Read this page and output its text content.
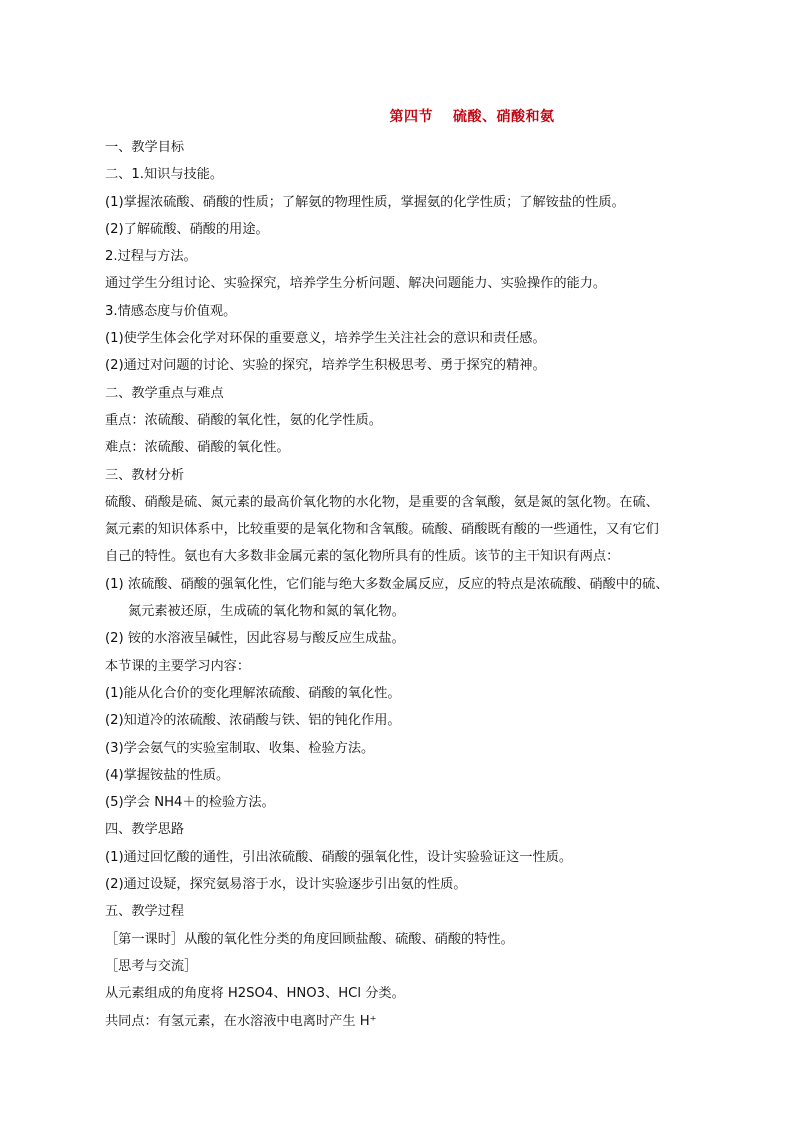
第四节 硫酸、硝酸和氨
一、教学目标
二、1.知识与技能。
(1)掌握浓硫酸、硝酸的性质；了解氨的物理性质，掌握氨的化学性质；了解铵盐的性质。
(2)了解硫酸、硝酸的用途。
2.过程与方法。
通过学生分组讨论、实验探究，培养学生分析问题、解决问题能力、实验操作的能力。
3.情感态度与价值观。
(1)使学生体会化学对环保的重要意义，培养学生关注社会的意识和责任感。
(2)通过对问题的讨论、实验的探究，培养学生积极思考、勇于探究的精神。
二、教学重点与难点
重点：浓硫酸、硝酸的氧化性，氨的化学性质。
难点：浓硫酸、硝酸的氧化性。
三、教材分析
硫酸、硝酸是硫、氮元素的最高价氧化物的水化物，是重要的含氧酸，氨是氮的氢化物。在硫、
氮元素的知识体系中，比较重要的是氧化物和含氧酸。硫酸、硝酸既有酸的一些通性，又有它们
自己的特性。氨也有大多数非金属元素的氢化物所具有的性质。该节的主干知识有两点：
(1) 浓硫酸、硝酸的强氧化性，它们能与绝大多数金属反应，反应的特点是浓硫酸、硝酸中的硫、
氮元素被还原，生成硫的氧化物和氮的氧化物。
(2) 铵的水溶液呈碱性，因此容易与酸反应生成盐。
本节课的主要学习内容：
(1)能从化合价的变化理解浓硫酸、硝酸的氧化性。
(2)知道冷的浓硫酸、浓硝酸与铁、铝的钝化作用。
(3)学会氨气的实验室制取、收集、检验方法。
(4)掌握铵盐的性质。
(5)学会 NH4＋的检验方法。
四、教学思路
(1)通过回忆酸的通性，引出浓硫酸、硝酸的强氧化性，设计实验验证这一性质。
(2)通过设疑，探究氨易溶于水，设计实验逐步引出氨的性质。
五、教学过程
［第一课时］从酸的氧化性分类的角度回顾盐酸、硫酸、硝酸的特性。
［思考与交流］
从元素组成的角度将 H2SO4、HNO3、HCl 分类。
共同点：有氢元素，在水溶液中电离时产生 H⁺
